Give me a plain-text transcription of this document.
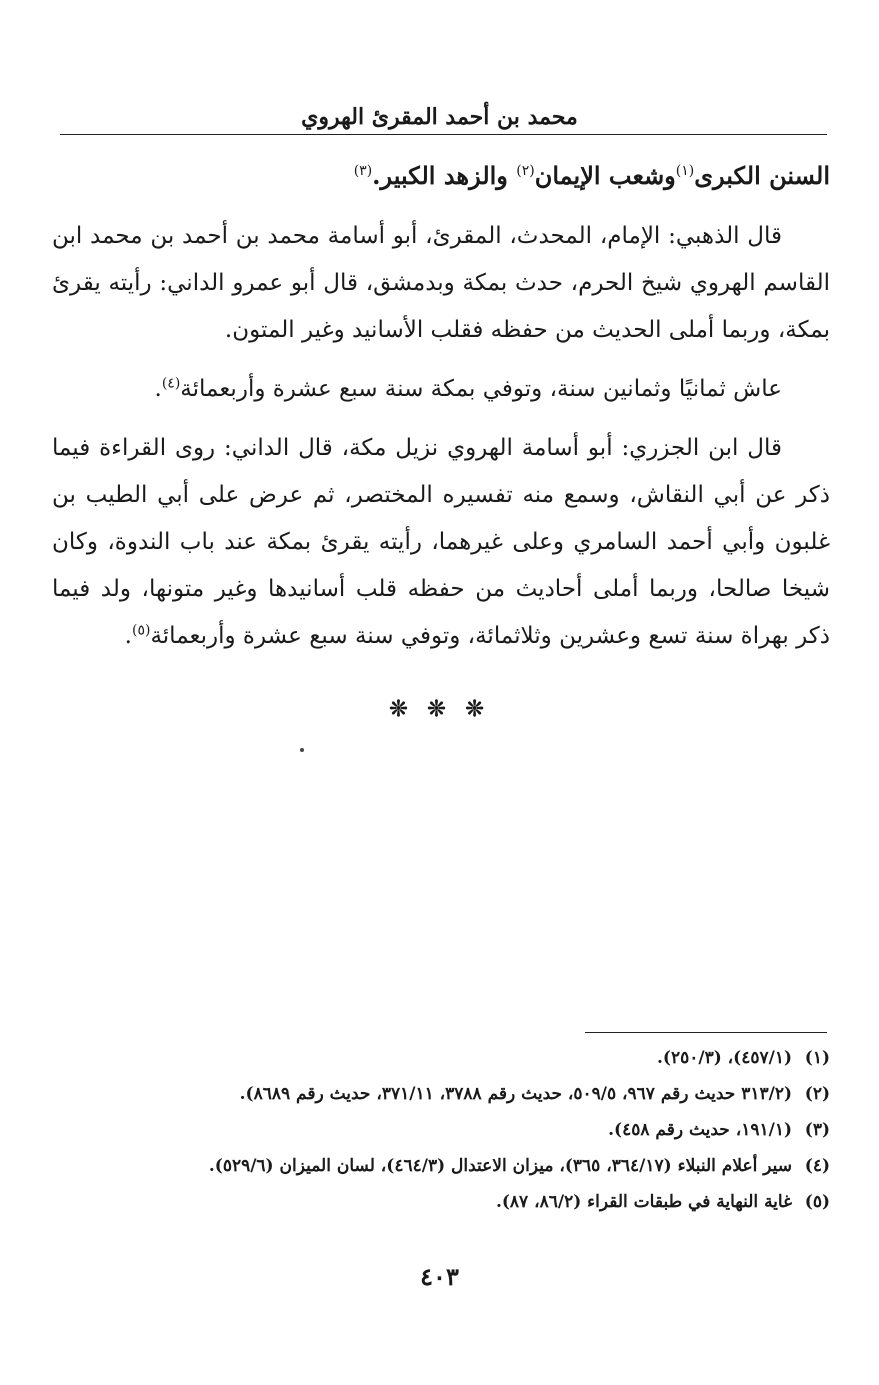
محمد بن أحمد المقرئ الهروي

السنن الكبرى$^{(١)}$وشعب الإيمان$^{(٢)}$ والزهد الكبير.$^{(٣)}$

قال الذهبي: الإمام، المحدث، المقرئ، أبو أسامة محمد بن أحمد بن محمد ابن القاسم الهروي شيخ الحرم، حدث بمكة وبدمشق، قال أبو عمرو الداني: رأيته يقرئ بمكة، وربما أملى الحديث من حفظه فقلب الأسانيد وغير المتون.

عاش ثمانيًا وثمانين سنة، وتوفي بمكة سنة سبع عشرة وأربعمائة$^{(٤)}$.

قال ابن الجزري: أبو أسامة الهروي نزيل مكة، قال الداني: روى القراءة فيما ذكر عن أبي النقاش، وسمع منه تفسيره المختصر، ثم عرض على أبي الطيب بن غلبون وأبي أحمد السامري وعلى غيرهما، رأيته يقرئ بمكة عند باب الندوة، وكان شيخا صالحا، وربما أملى أحاديث من حفظه قلب أسانيدها وغير متونها، ولد فيما ذكر بهراة سنة تسع وعشرين وثلاثمائة، وتوفي سنة سبع عشرة وأربعمائة$^{(٥)}$.

❊ ❊ ❊
(١)
(٤٥٧/١)، (٢٥٠/٣).
(٢)
(٣١٣/٢ حديث رقم ٩٦٧، ٥٠٩/٥، حديث رقم ٣٧٨٨، ٣٧١/١١، حديث رقم ٨٦٨٩).
(٣)
(١٩١/١، حديث رقم ٤٥٨).
(٤)
سير أعلام النبلاء (٣٦٤/١٧، ٣٦٥)، ميزان الاعتدال (٤٦٤/٣)، لسان الميزان (٥٢٩/٦).
(٥)
غاية النهاية في طبقات القراء (٨٦/٢، ٨٧).
٤٠٣
